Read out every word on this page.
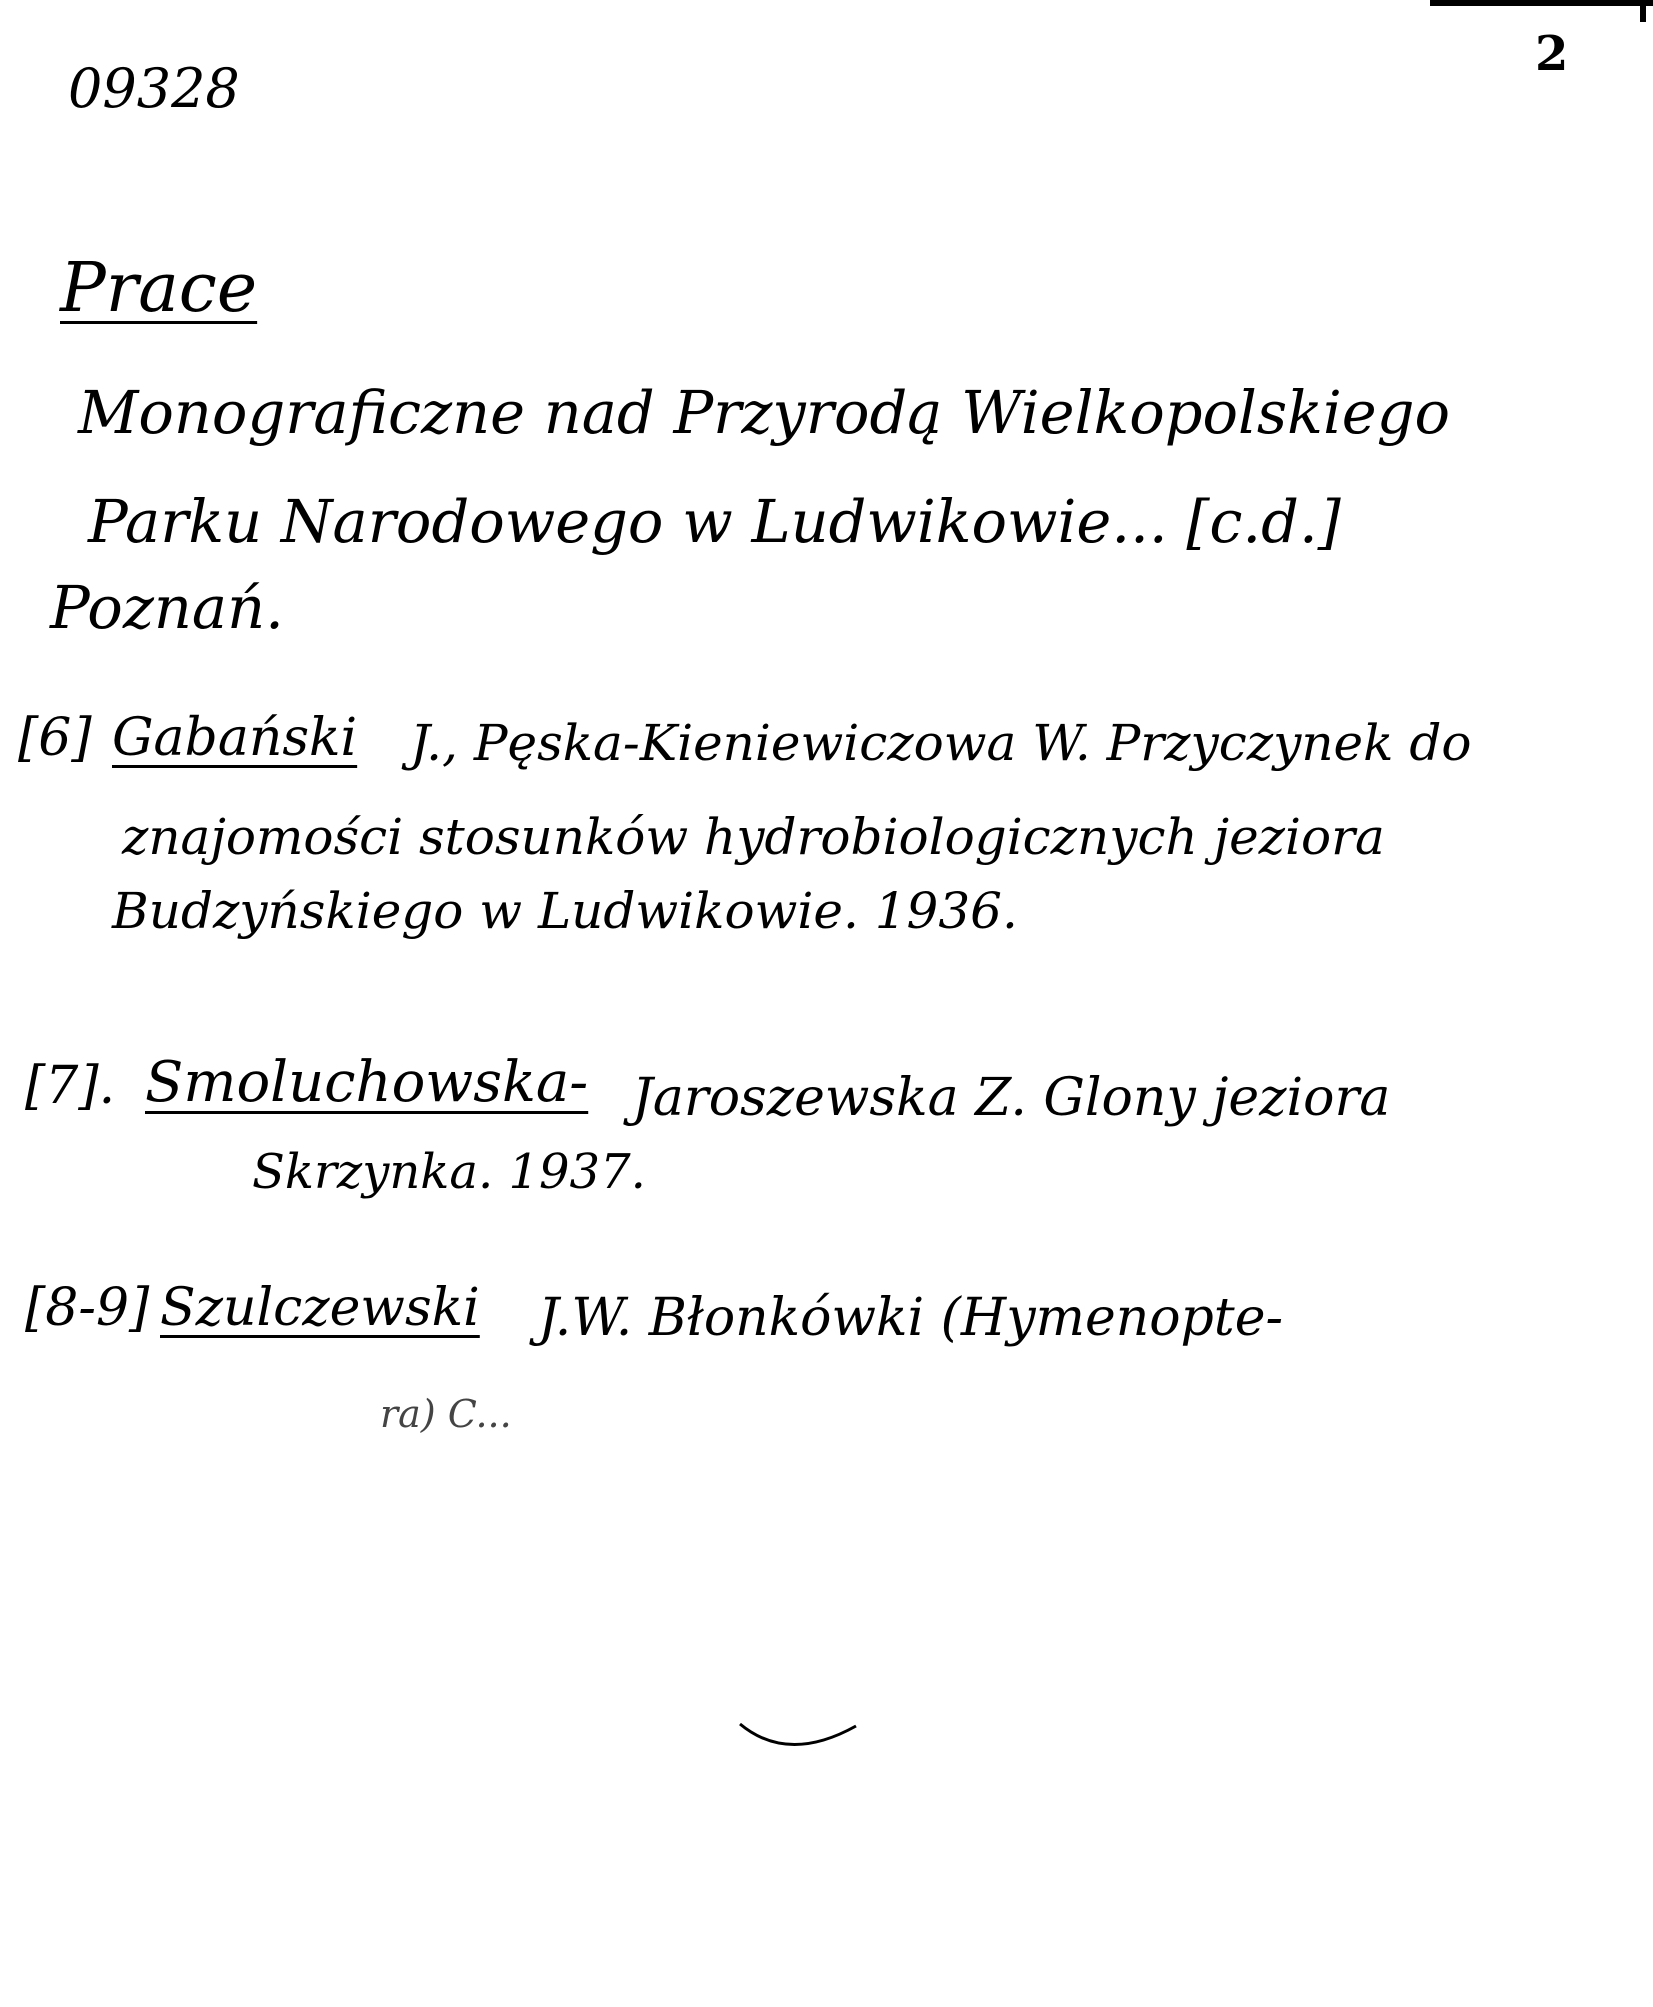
09328
2
Prace
Monograficzne nad Przyrodą Wielkopolskiego
Parku Narodowego w Ludwikowie... [c.d.]
Poznań.
[6] Gabański J., Pęska-Kieniewiczowa W. Przyczynek do
znajomości stosunków hydrobiologicznych jeziora
Budzyńskiego w Ludwikowie. 1936.
[7]. Smoluchowska- Jaroszewska Z. Glony jeziora
Skrzynka. 1937.
[8-9] Szulczewski J.W. Błonkówki (Hymenopte-
ra) C...
